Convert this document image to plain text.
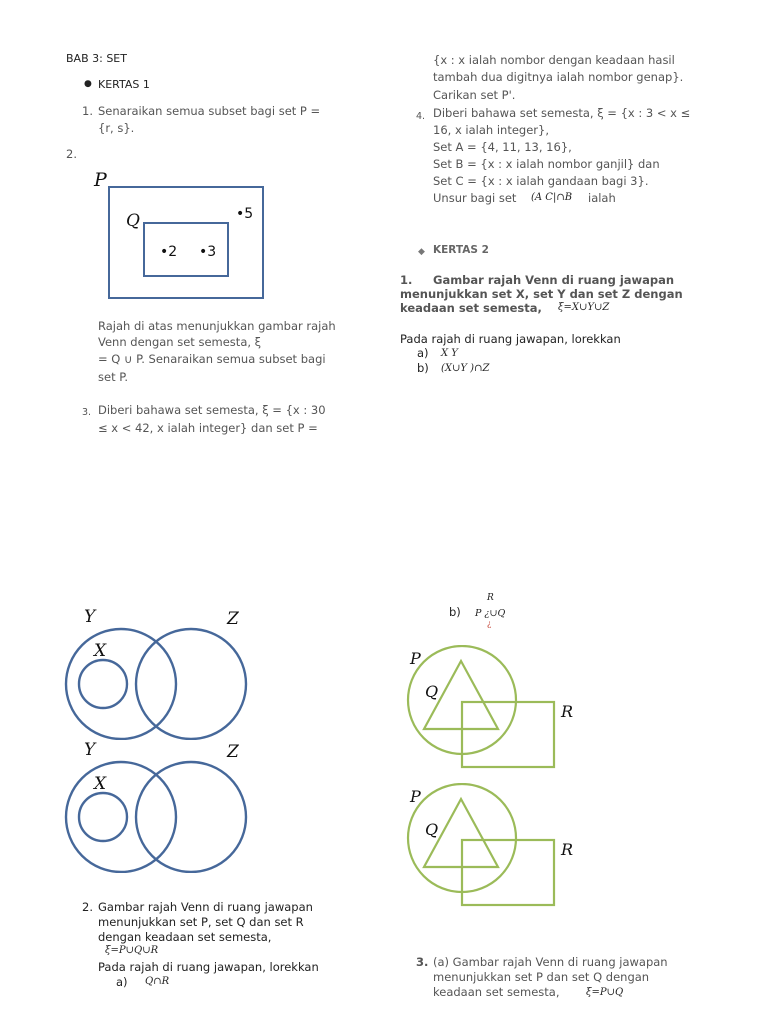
BAB 3: SET
● KERTAS 1
1. Senaraikan semua subset bagi set P =
{r, s}.
2.
P
Q	•5
•2 •3
Rajah di atas menunjukkan gambar rajah
Venn dengan set semesta, ξ
= Q ∪ P. Senaraikan semua subset bagi
set P.
3. Diberi bahawa set semesta, ξ = {x : 30
≤ x < 42, x ialah integer} dan set P =
Y	Z
X
Y	Z
X
2. Gambar rajah Venn di ruang jawapan
menunjukkan set P, set Q dan set R
dengan keadaan set semesta,
ξ=P∪Q∪R
Pada rajah di ruang jawapan, lorekkan
a) Q∩R
{x : x ialah nombor dengan keadaan hasil
tambah dua digitnya ialah nombor genap}.
Carikan set P'.
4. Diberi bahawa set semesta, ξ = {x : 3 < x ≤
16, x ialah integer},
Set A = {4, 11, 13, 16},
Set B = {x : x ialah nombor ganjil} dan
Set C = {x : x ialah gandaan bagi 3}.
Unsur bagi set (A C|∩B ialah
◆ KERTAS 2
1. Gambar rajah Venn di ruang jawapan
menunjukkan set X, set Y dan set Z dengan
keadaan set semesta, ξ=X∪Y∪Z
Pada rajah di ruang jawapan, lorekkan
a) X Y
b) (X∪Y )∩Z
b)
R
P ¿∪Q
¿
P
Q
R
P
Q
R
3. (a) Gambar rajah Venn di ruang jawapan
menunjukkan set P dan set Q dengan
keadaan set semesta,	ξ=P∪Q
